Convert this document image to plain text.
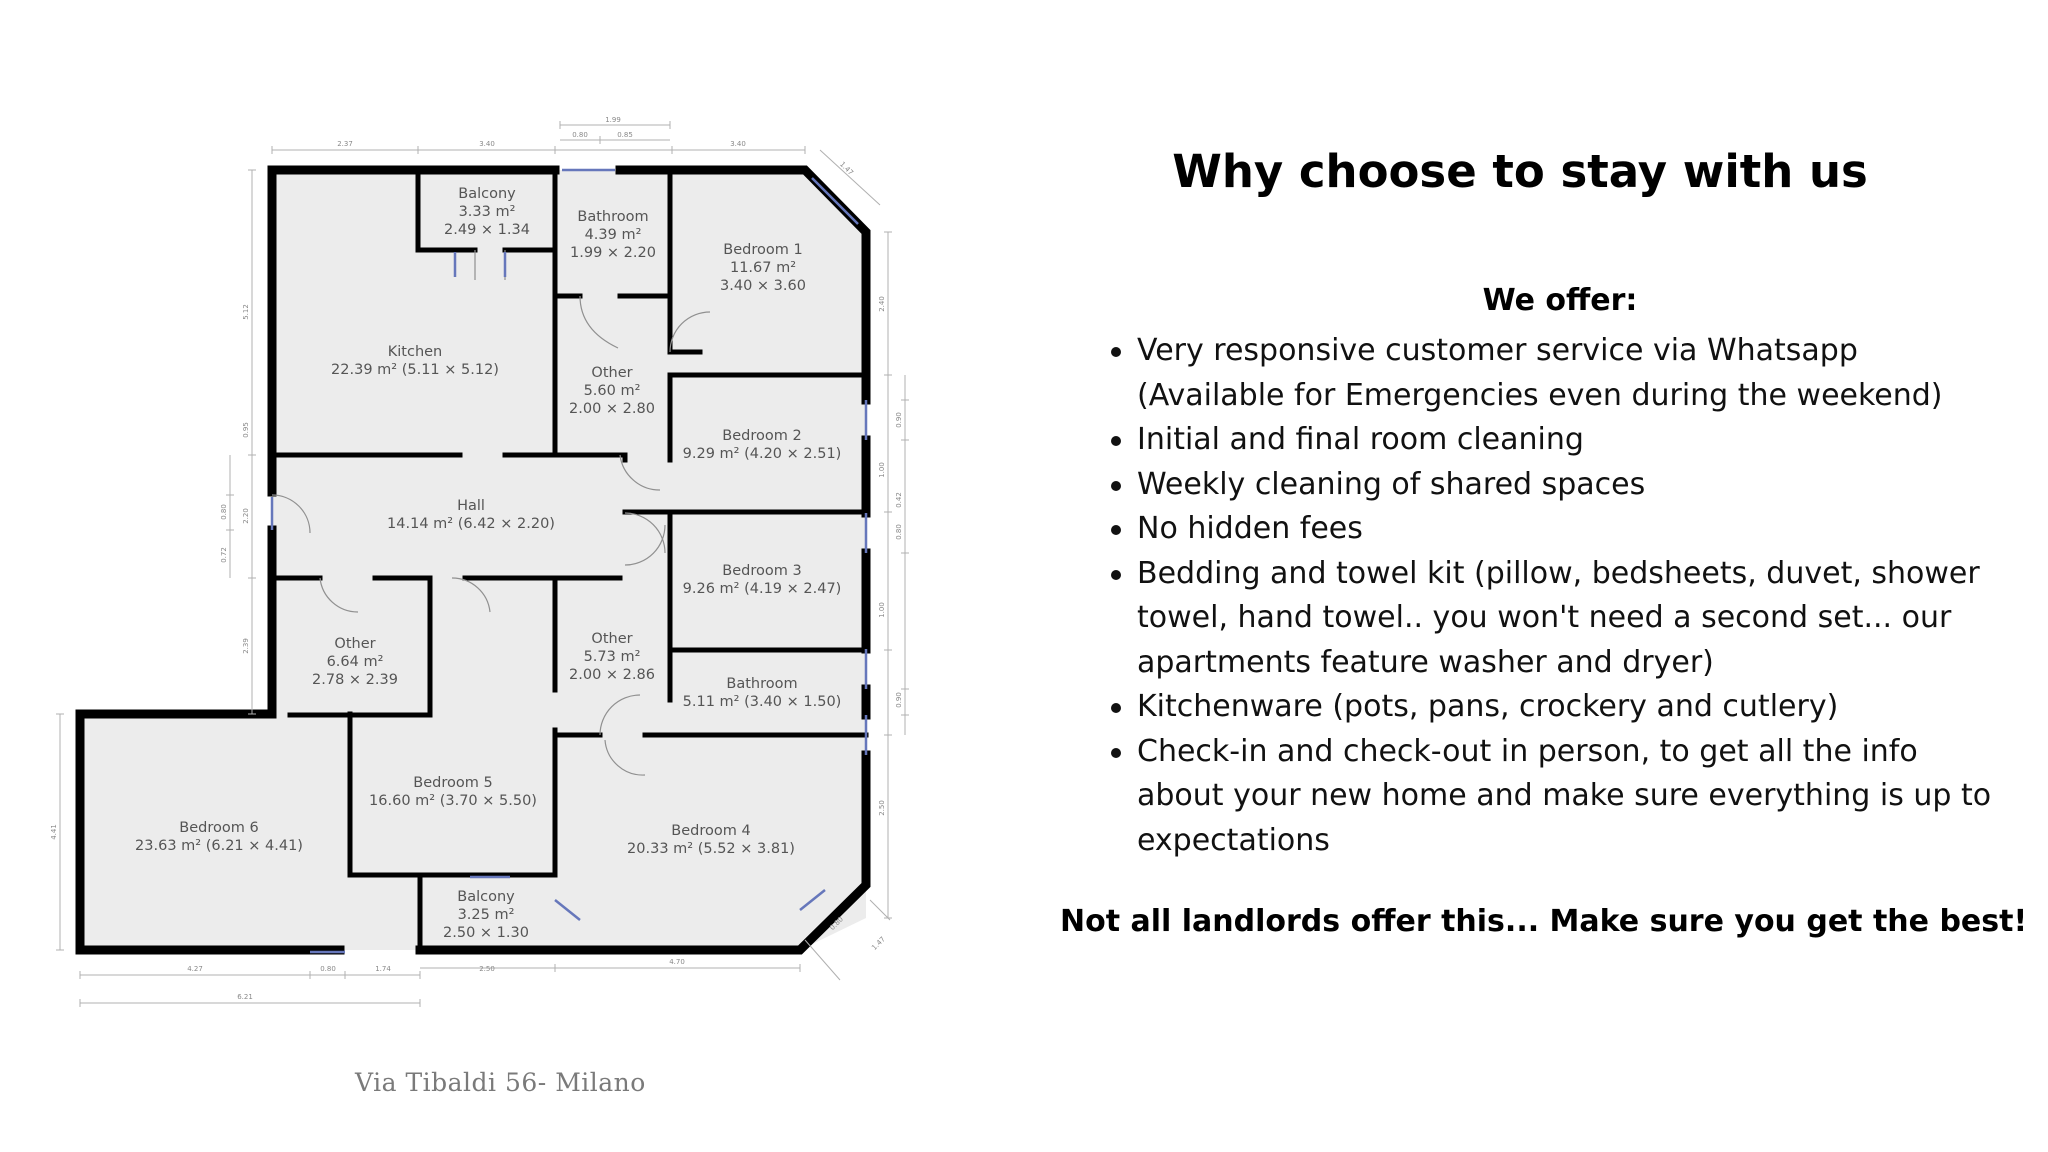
2.37	3.40
1.99
0.80	0.85
3.40
1.47
5.12
0.95
2.20
0.80
0.72
2.39
4.41
2.40
0.90
1.00
0.42
0.80
1.00
0.90
2.50
4.27	0.80	1.74	2.50
4.70
6.21
0.80
1.47
Balcony
3.33 m²
2.49 × 1.34
Bathroom
4.39 m²
1.99 × 2.20	Bedroom 1
11.67 m²
3.40 × 3.60
Kitchen
22.39 m² (5.11 × 5.12)	Other
5.60 m²
2.00 × 2.80
Bedroom 2
9.29 m² (4.20 × 2.51)
Hall
14.14 m² (6.42 × 2.20)
Bedroom 3
9.26 m² (4.19 × 2.47)
Other
6.64 m²
2.78 × 2.39
Other
5.73 m²
2.00 × 2.86
Bathroom
5.11 m² (3.40 × 1.50)
Bedroom 5
16.60 m² (3.70 × 5.50)
Bedroom 6
23.63 m² (6.21 × 4.41)
Bedroom 4
20.33 m² (5.52 × 3.81)
Balcony
3.25 m²
2.50 × 1.30
Via Tibaldi 56- Milano
Why choose to stay with us
We offer:
Very responsive customer service via Whatsapp (Available for Emergencies even during the weekend)
Initial and final room cleaning
Weekly cleaning of shared spaces
No hidden fees
Bedding and towel kit (pillow, bedsheets, duvet, shower towel, hand towel.. you won't need a second set... our apartments feature washer and dryer)
Kitchenware (pots, pans, crockery and cutlery)
Check-in and check-out in person, to get all the info about your new home and make sure everything is up to expectations
Not all landlords offer this... Make sure you get the best!
